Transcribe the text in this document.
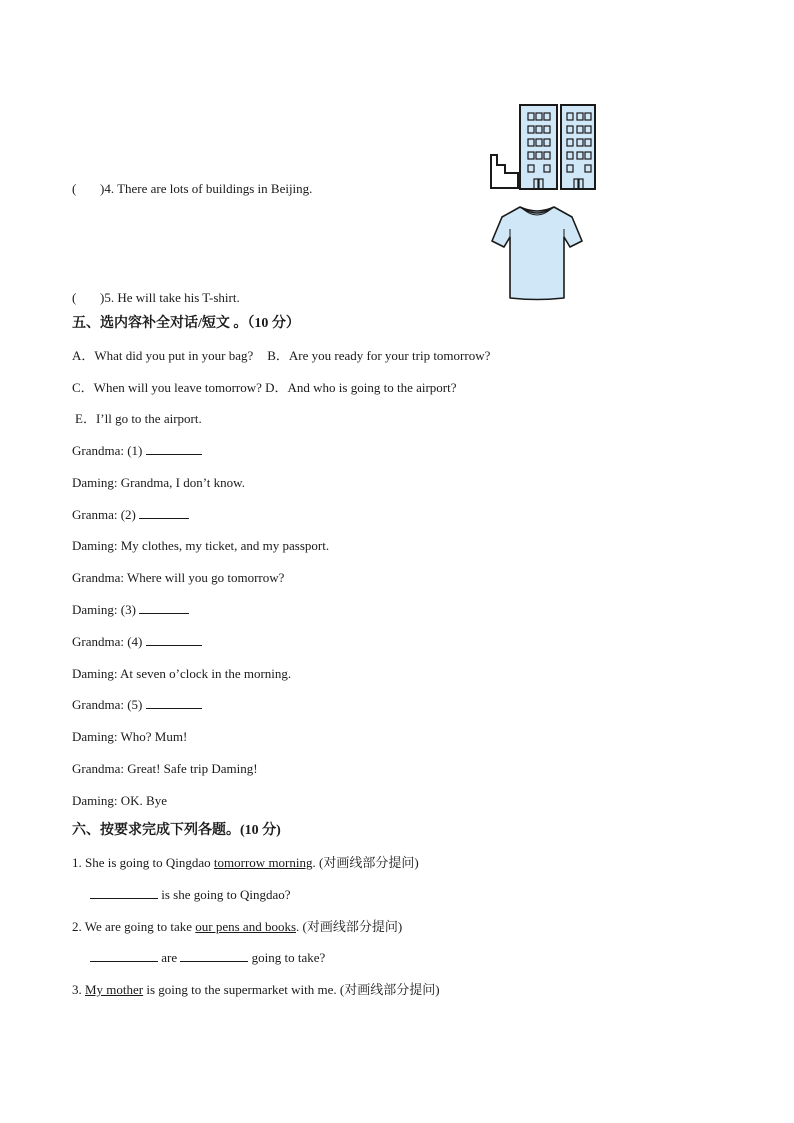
( )4. There are lots of buildings in Beijing.
( )5. He will take his T-shirt.
五、选内容补全对话/短文 。（10 分）
A．What did you put in your bag? B．Are you ready for your trip tomorrow?
C．When will you leave tomorrow? D．And who is going to the airport?
E．I’ll go to the airport.
Grandma: (1)
Daming: Grandma, I don’t know.
Granma: (2)
Daming: My clothes, my ticket, and my passport.
Grandma: Where will you go tomorrow?
Daming: (3)
Grandma: (4)
Daming: At seven o’clock in the morning.
Grandma: (5)
Daming: Who? Mum!
Grandma: Great! Safe trip Daming!
Daming: OK. Bye
六、按要求完成下列各题。(10 分)
1. She is going to Qingdao tomorrow morning. (对画线部分提问)
is she going to Qingdao?
2. We are going to take our pens and books. (对画线部分提问)
are	going to take?
3. My mother is going to the supermarket with me. (对画线部分提问)
